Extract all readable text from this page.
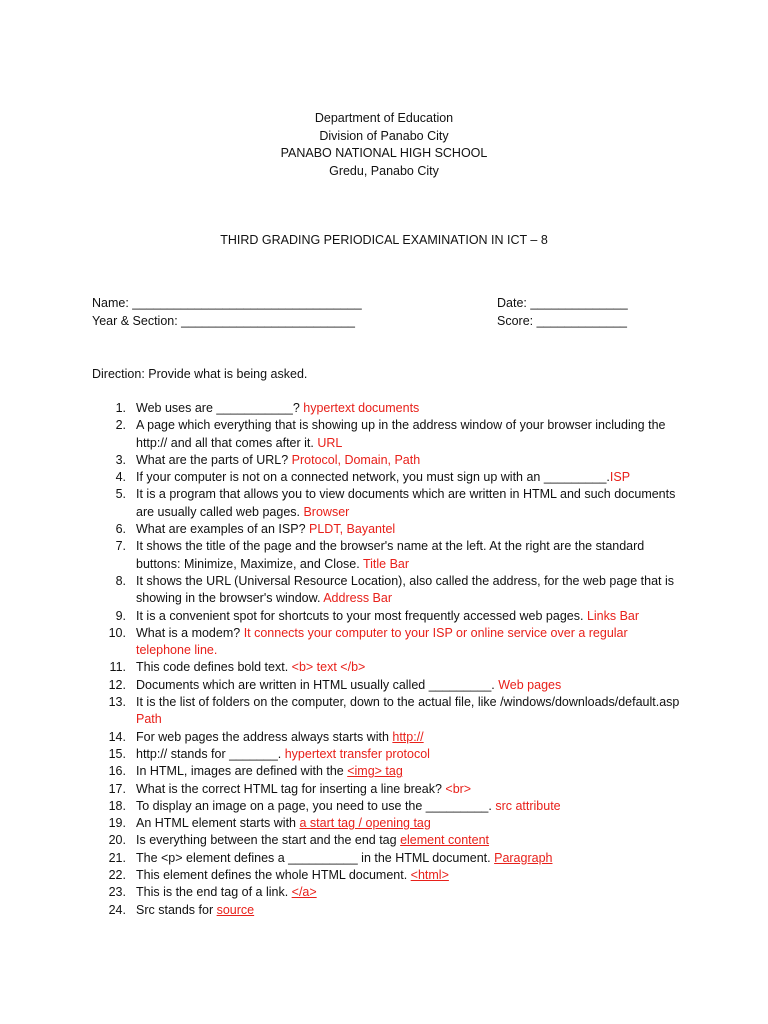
Department of Education
Division of Panabo City
PANABO NATIONAL HIGH SCHOOL
Gredu, Panabo City
THIRD GRADING PERIODICAL EXAMINATION IN ICT – 8
Name: _________________________________
Year & Section: _________________________
Date: ______________
Score: _____________
Direction: Provide what is being asked.
1. Web uses are ___________? hypertext documents
2. A page which everything that is showing up in the address window of your browser including the http:// and all that comes after it. URL
3. What are the parts of URL? Protocol, Domain, Path
4. If your computer is not on a connected network, you must sign up with an _________.ISP
5. It is a program that allows you to view documents which are written in HTML and such documents are usually called web pages. Browser
6. What are examples of an ISP? PLDT, Bayantel
7. It shows the title of the page and the browser's name at the left. At the right are the standard buttons: Minimize, Maximize, and Close. Title Bar
8. It shows the URL (Universal Resource Location), also called the address, for the web page that is showing in the browser's window. Address Bar
9. It is a convenient spot for shortcuts to your most frequently accessed web pages. Links Bar
10. What is a modem? It connects your computer to your ISP or online service over a regular telephone line.
11. This code defines bold text. <b> text </b>
12. Documents which are written in HTML usually called _________. Web pages
13. It is the list of folders on the computer, down to the actual file, like /windows/downloads/default.asp Path
14. For web pages the address always starts with http://
15. http:// stands for _______. hypertext transfer protocol
16. In HTML, images are defined with the <img> tag
17. What is the correct HTML tag for inserting a line break? <br>
18. To display an image on a page, you need to use the _________. src attribute
19. An HTML element starts with a start tag / opening tag
20. Is everything between the start and the end tag element content
21. The <p> element defines a __________ in the HTML document. Paragraph
22. This element defines the whole HTML document. <html>
23. This is the end tag of a link. </a>
24. Src stands for source
